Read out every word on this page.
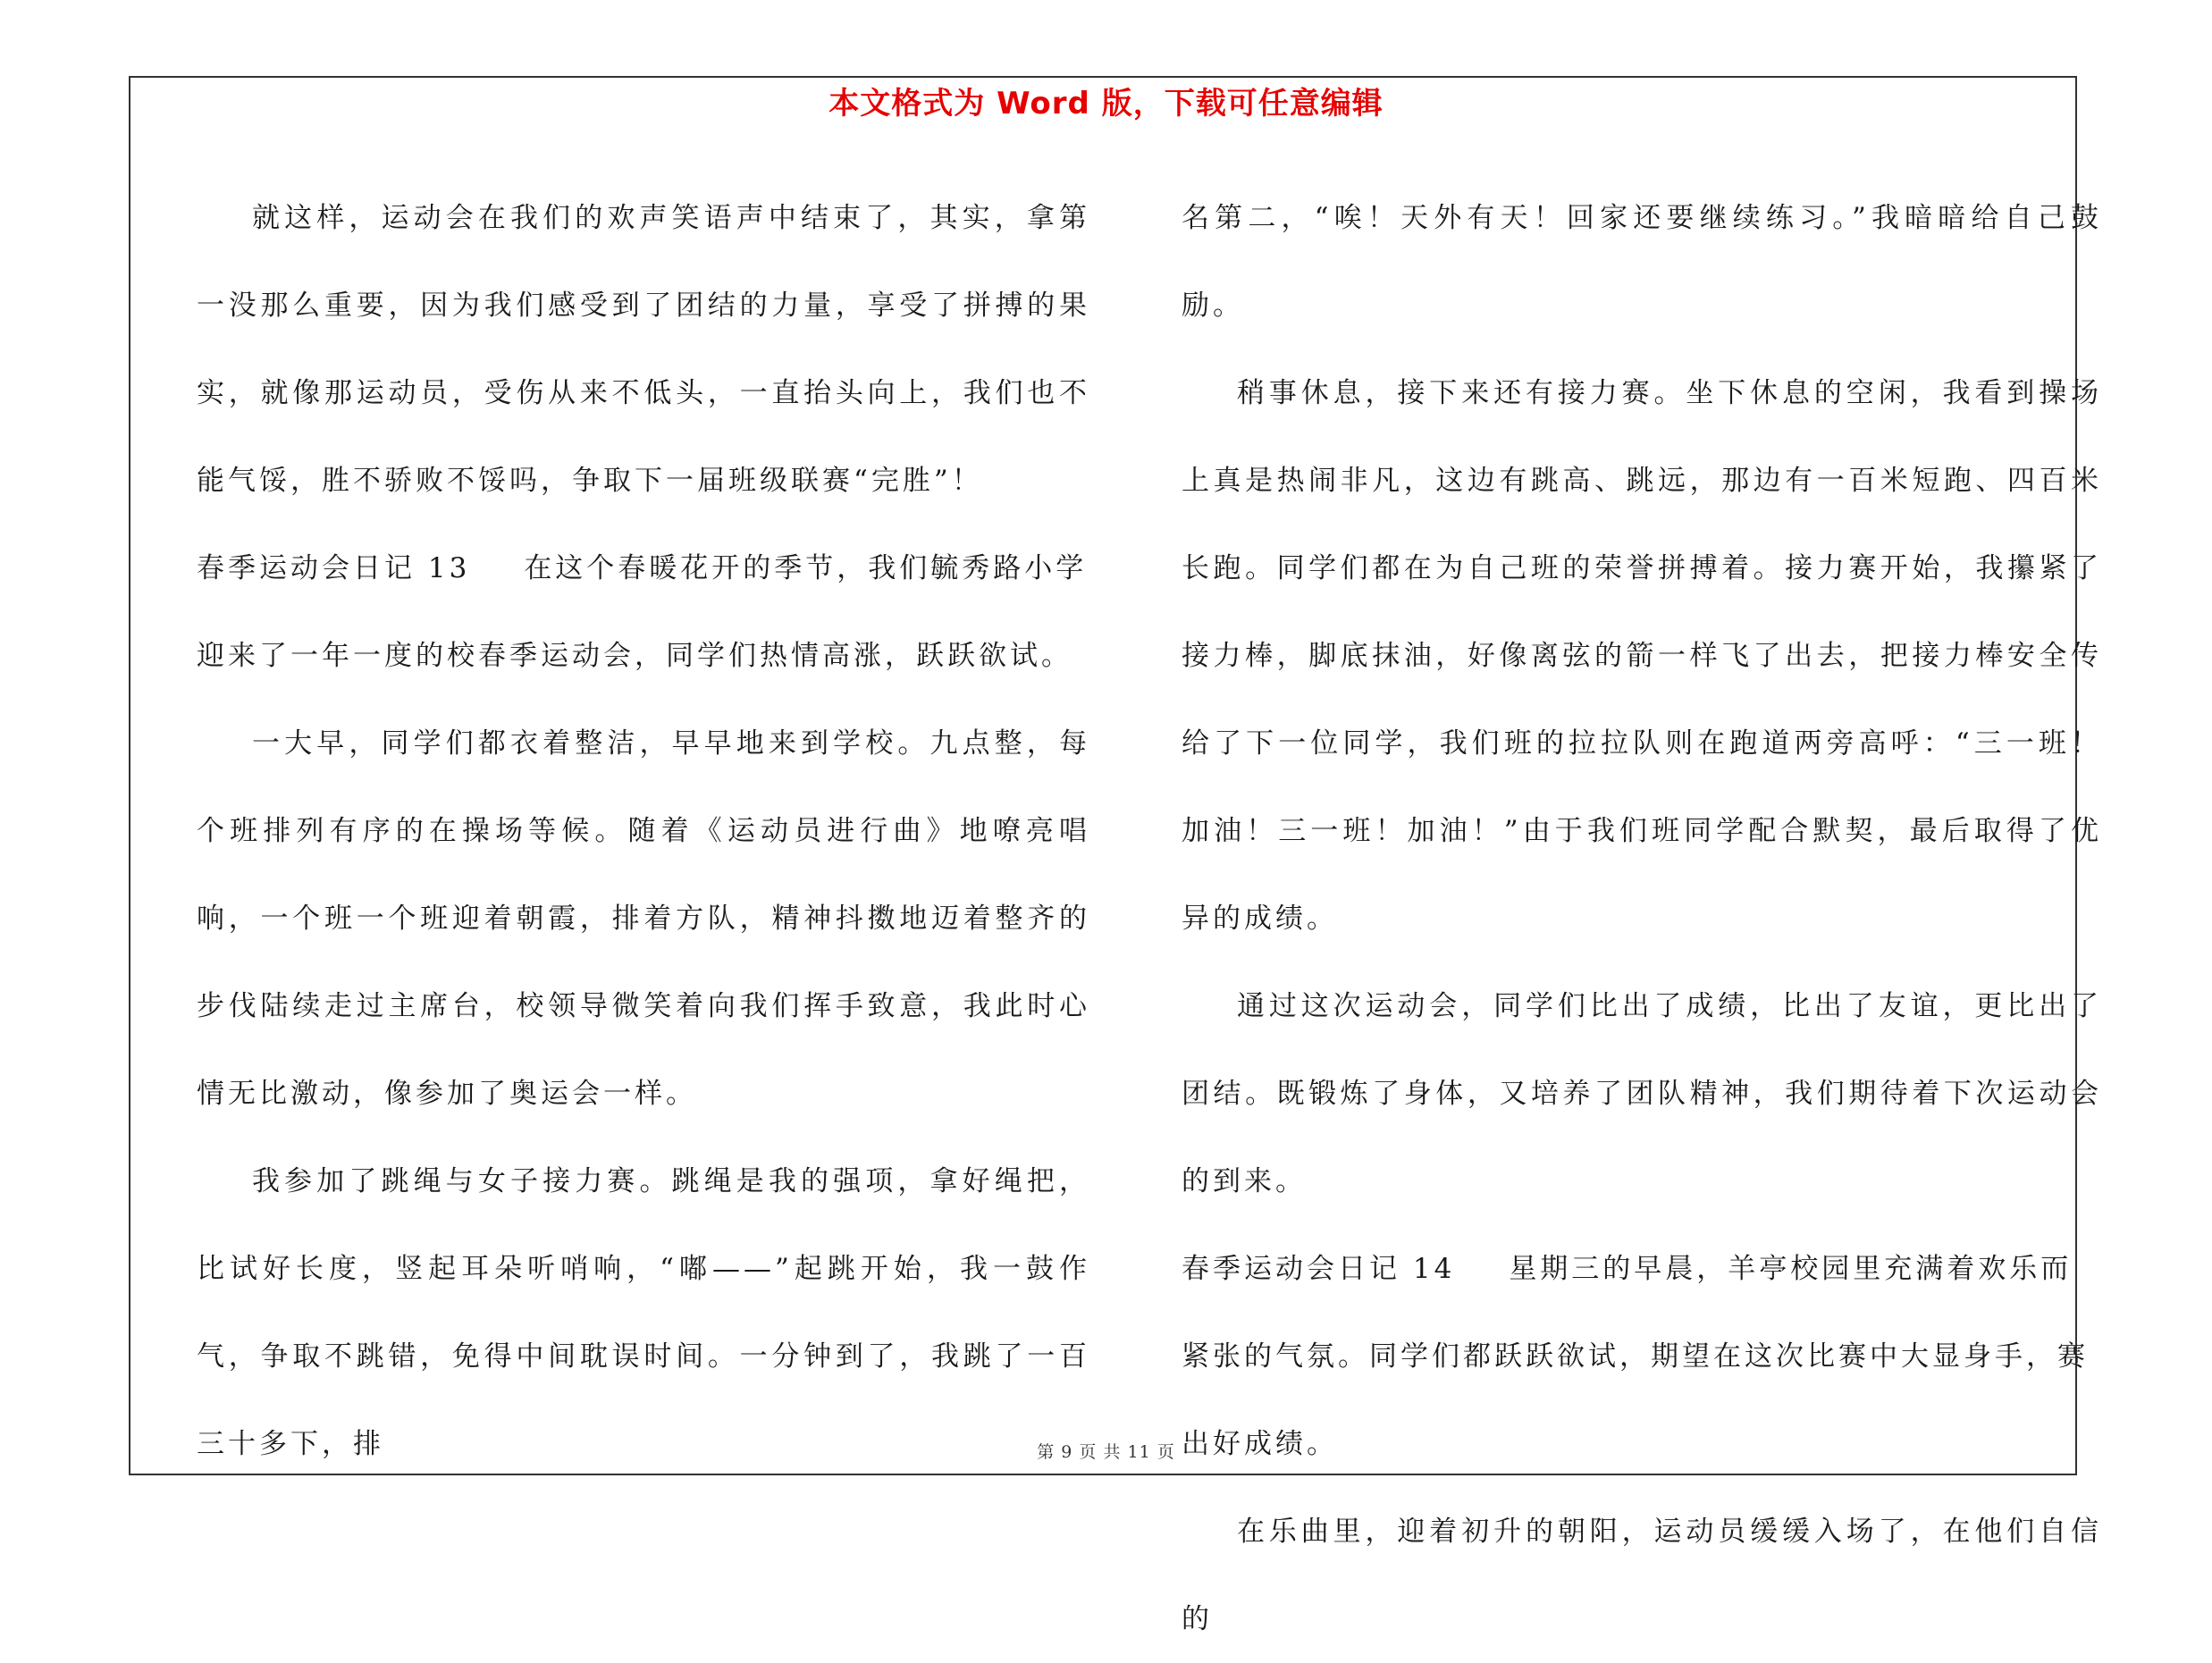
本文格式为 Word 版，下载可任意编辑

就这样，运动会在我们的欢声笑语声中结束了，其实，拿第一没那么重要，因为我们感受到了团结的力量，享受了拼搏的果实，就像那运动员，受伤从来不低头，一直抬头向上，我们也不能气馁，胜不骄败不馁吗，争取下一届班级联赛“完胜”！

春季运动会日记 13 在这个春暖花开的季节，我们毓秀路小学迎来了一年一度的校春季运动会，同学们热情高涨，跃跃欲试。

一大早，同学们都衣着整洁，早早地来到学校。九点整，每个班排列有序的在操场等候。随着《运动员进行曲》地嘹亮唱响，一个班一个班迎着朝霞，排着方队，精神抖擞地迈着整齐的步伐陆续走过主席台，校领导微笑着向我们挥手致意，我此时心情无比激动，像参加了奥运会一样。

我参加了跳绳与女子接力赛。跳绳是我的强项，拿好绳把，比试好长度，竖起耳朵听哨响，“嘟——”起跳开始，我一鼓作气，争取不跳错，免得中间耽误时间。一分钟到了，我跳了一百三十多下，排

名第二，“唉！天外有天！回家还要继续练习。”我暗暗给自己鼓励。

稍事休息，接下来还有接力赛。坐下休息的空闲，我看到操场上真是热闹非凡，这边有跳高、跳远，那边有一百米短跑、四百米长跑。同学们都在为自己班的荣誉拼搏着。接力赛开始，我攥紧了接力棒，脚底抹油，好像离弦的箭一样飞了出去，把接力棒安全传给了下一位同学，我们班的拉拉队则在跑道两旁高呼：“三一班！加油！三一班！加油！”由于我们班同学配合默契，最后取得了优异的成绩。

通过这次运动会，同学们比出了成绩，比出了友谊，更比出了团结。既锻炼了身体，又培养了团队精神，我们期待着下次运动会的到来。

春季运动会日记 14 星期三的早晨，羊亭校园里充满着欢乐而紧张的气氛。同学们都跃跃欲试，期望在这次比赛中大显身手，赛出好成绩。

在乐曲里，迎着初升的朝阳，运动员缓缓入场了，在他们自信的

第 9 页 共 11 页
